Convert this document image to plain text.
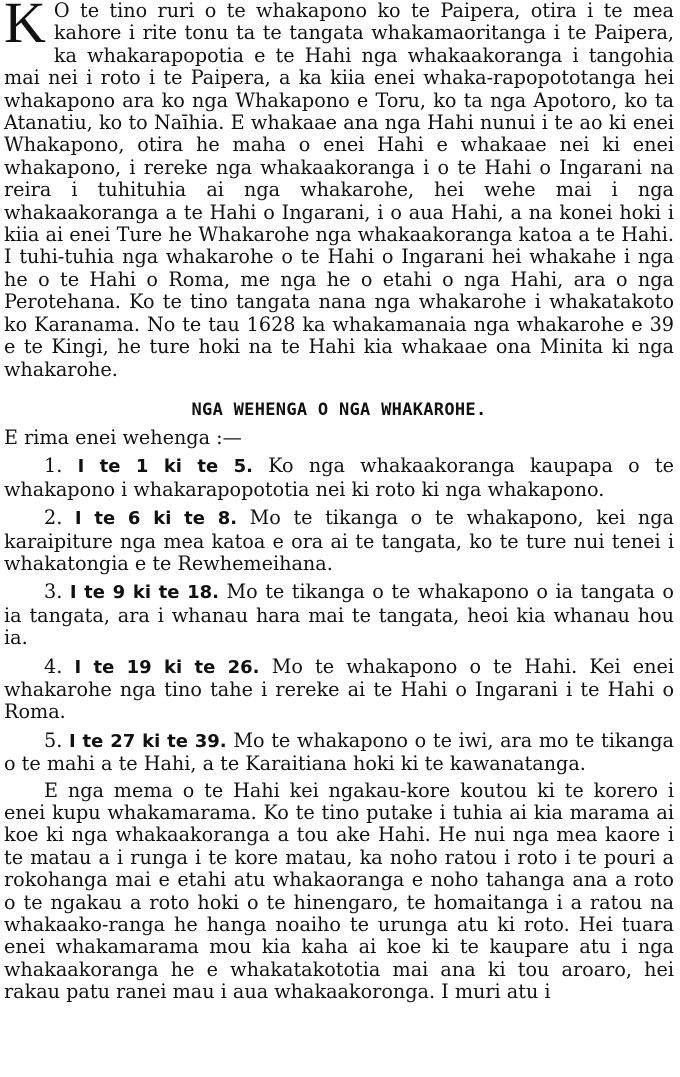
K O te tino ruri o te whakapono ko te Paipera, otira i te mea kahore i rite tonu ta te tangata whakamaoritanga i te Paipera, ka whakarapopotia e te Hahi nga whakaakoranga i tangohia mai nei i roto i te Paipera, a ka kiia enei whaka-rapopototanga hei whakapono ara ko nga Whakapono e Toru, ko ta nga Apotoro, ko ta Atanatiu, ko to Naīhia. E whakaae ana nga Hahi nunui i te ao ki enei Whakapono, otira he maha o enei Hahi e whakaae nei ki enei whakapono, i rereke nga whakaakoranga i o te Hahi o Ingarani na reira i tuhituhia ai nga whakarohe, hei wehe mai i nga whakaakoranga a te Hahi o Ingarani, i o aua Hahi, a na konei hoki i kiia ai enei Ture he Whakarohe nga whakaakoranga katoa a te Hahi. I tuhi-tuhia nga whakarohe o te Hahi o Ingarani hei whakahe i nga he o te Hahi o Roma, me nga he o etahi o nga Hahi, ara o nga Perotehana. Ko te tino tangata nana nga whakarohe i whakatakoto ko Karanama. No te tau 1628 ka whakamanaia nga whakarohe e 39 e te Kingi, he ture hoki na te Hahi kia whakaae ona Minita ki nga whakarohe.

NGA WEHENGA O NGA WHAKAROHE.

E rima enei wehenga :—

1. I te 1 ki te 5. Ko nga whakaakoranga kaupapa o te whakapono i whakarapopototia nei ki roto ki nga whakapono.

2. I te 6 ki te 8. Mo te tikanga o te whakapono, kei nga karaipiture nga mea katoa e ora ai te tangata, ko te ture nui tenei i whakatongia e te Rewhemeihana.

3. I te 9 ki te 18. Mo te tikanga o te whakapono o ia tangata o ia tangata, ara i whanau hara mai te tangata, heoi kia whanau hou ia.

4. I te 19 ki te 26. Mo te whakapono o te Hahi. Kei enei whakarohe nga tino tahe i rereke ai te Hahi o Ingarani i te Hahi o Roma.

5. I te 27 ki te 39. Mo te whakapono o te iwi, ara mo te tikanga o te mahi a te Hahi, a te Karaitiana hoki ki te kawanatanga.

E nga mema o te Hahi kei ngakau-kore koutou ki te korero i enei kupu whakamarama. Ko te tino putake i tuhia ai kia marama ai koe ki nga whakaakoranga a tou ake Hahi. He nui nga mea kaore i te matau a i runga i te kore matau, ka noho ratou i roto i te pouri a rokohanga mai e etahi atu whakaoranga e noho tahanga ana a roto o te ngakau a roto hoki o te hinengaro, te homaitanga i a ratou na whakaako-ranga he hanga noaiho te urunga atu ki roto. Hei tuara enei whakamarama mou kia kaha ai koe ki te kaupare atu i nga whakaakoranga he e whakatakototia mai ana ki tou aroaro, hei rakau patu ranei mau i aua whakaakoronga. I muri atu i
